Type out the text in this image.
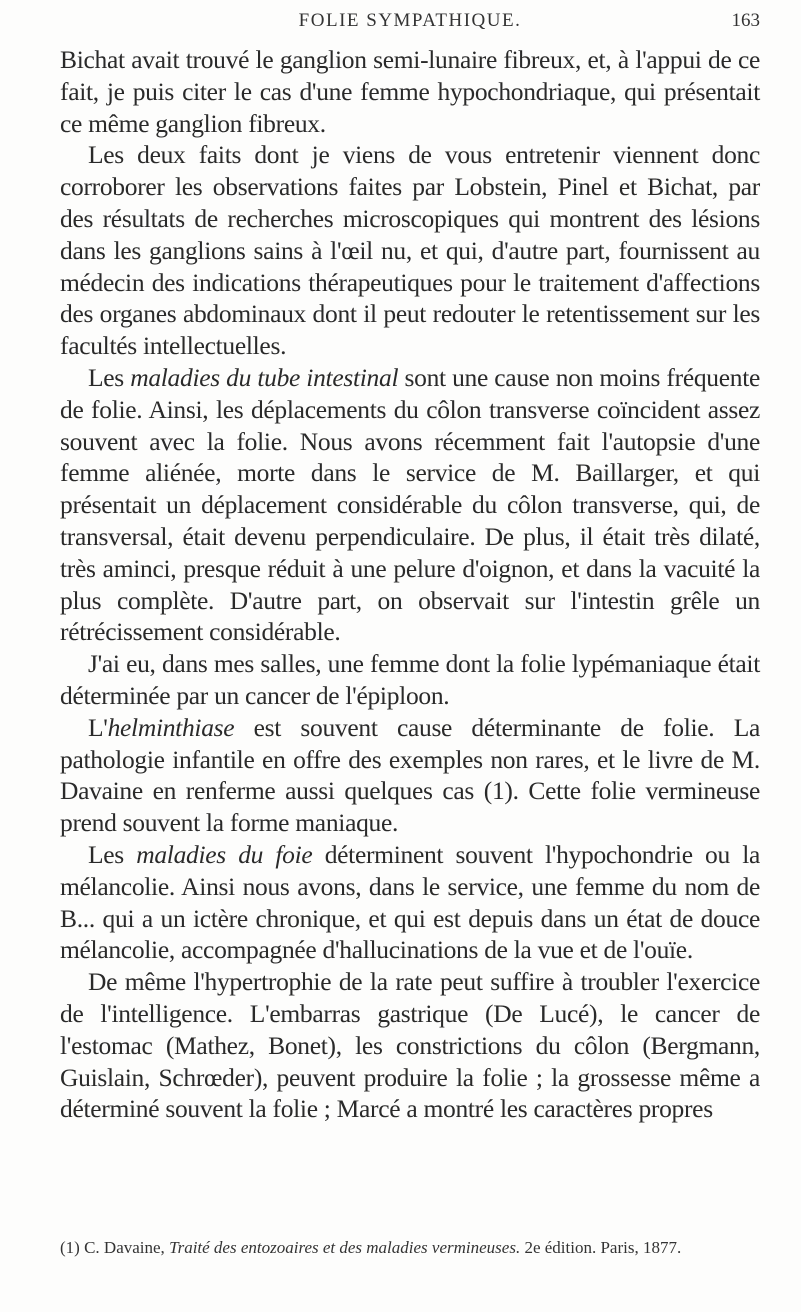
FOLIE SYMPATHIQUE.	163

Bichat avait trouvé le ganglion semi-lunaire fibreux, et, à l'appui de ce fait, je puis citer le cas d'une femme hypochondriaque, qui présentait ce même ganglion fibreux.

Les deux faits dont je viens de vous entretenir viennent donc corroborer les observations faites par Lobstein, Pinel et Bichat, par des résultats de recherches microscopiques qui montrent des lésions dans les ganglions sains à l'œil nu, et qui, d'autre part, fournissent au médecin des indications thérapeutiques pour le traitement d'affections des organes abdominaux dont il peut redouter le retentissement sur les facultés intellectuelles.

Les maladies du tube intestinal sont une cause non moins fréquente de folie. Ainsi, les déplacements du côlon transverse coïncident assez souvent avec la folie. Nous avons récemment fait l'autopsie d'une femme aliénée, morte dans le service de M. Baillarger, et qui présentait un déplacement considérable du côlon transverse, qui, de transversal, était devenu perpendiculaire. De plus, il était très dilaté, très aminci, presque réduit à une pelure d'oignon, et dans la vacuité la plus complète. D'autre part, on observait sur l'intestin grêle un rétrécissement considérable.

J'ai eu, dans mes salles, une femme dont la folie lypémaniaque était déterminée par un cancer de l'épiploon.

L'helminthiase est souvent cause déterminante de folie. La pathologie infantile en offre des exemples non rares, et le livre de M. Davaine en renferme aussi quelques cas (1). Cette folie vermineuse prend souvent la forme maniaque.

Les maladies du foie déterminent souvent l'hypochondrie ou la mélancolie. Ainsi nous avons, dans le service, une femme du nom de B... qui a un ictère chronique, et qui est depuis dans un état de douce mélancolie, accompagnée d'hallucinations de la vue et de l'ouïe.

De même l'hypertrophie de la rate peut suffire à troubler l'exercice de l'intelligence. L'embarras gastrique (De Lucé), le cancer de l'estomac (Mathez, Bonet), les constrictions du côlon (Bergmann, Guislain, Schrœder), peuvent produire la folie ; la grossesse même a déterminé souvent la folie ; Marcé a montré les caractères propres

(1) C. Davaine, Traité des entozoaires et des maladies vermineuses. 2e édition. Paris, 1877.
